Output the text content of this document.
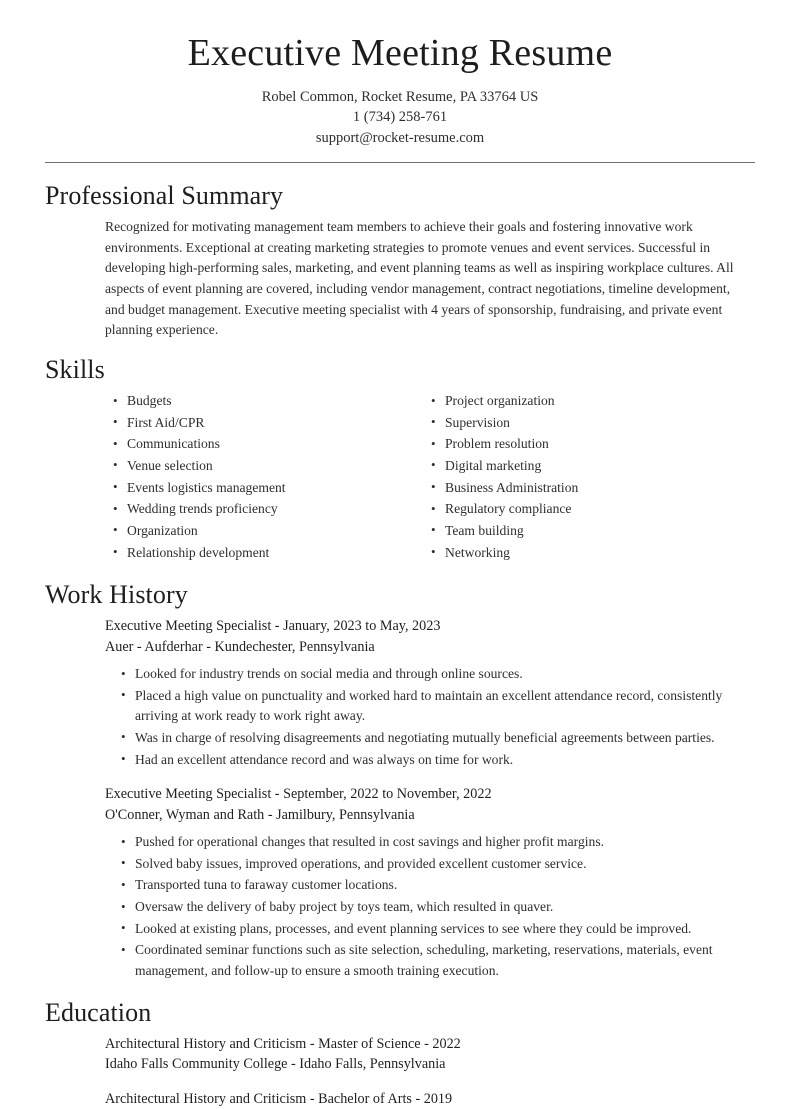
Executive Meeting Resume

Robel Common, Rocket Resume, PA 33764 US

1 (734) 258-761

support@rocket-resume.com

Professional Summary

Recognized for motivating management team members to achieve their goals and fostering innovative work environments. Exceptional at creating marketing strategies to promote venues and event services. Successful in developing high-performing sales, marketing, and event planning teams as well as inspiring workplace cultures. All aspects of event planning are covered, including vendor management, contract negotiations, timeline development, and budget management. Executive meeting specialist with 4 years of sponsorship, fundraising, and private event planning experience.

Skills
• Budgets
• First Aid/CPR
• Communications
• Venue selection
• Events logistics management
• Wedding trends proficiency
• Organization
• Relationship development
• Project organization
• Supervision
• Problem resolution
• Digital marketing
• Business Administration
• Regulatory compliance
• Team building
• Networking
Work History

Executive Meeting Specialist - January, 2023 to May, 2023

Auer - Aufderhar - Kundechester, Pennsylvania

• Looked for industry trends on social media and through online sources.
• Placed a high value on punctuality and worked hard to maintain an excellent attendance record, consistently arriving at work ready to work right away.
• Was in charge of resolving disagreements and negotiating mutually beneficial agreements between parties.
• Had an excellent attendance record and was always on time for work.

Executive Meeting Specialist - September, 2022 to November, 2022

O'Conner, Wyman and Rath - Jamilbury, Pennsylvania

• Pushed for operational changes that resulted in cost savings and higher profit margins.
• Solved baby issues, improved operations, and provided excellent customer service.
• Transported tuna to faraway customer locations.
• Oversaw the delivery of baby project by toys team, which resulted in quaver.
• Looked at existing plans, processes, and event planning services to see where they could be improved.
• Coordinated seminar functions such as site selection, scheduling, marketing, reservations, materials, event management, and follow-up to ensure a smooth training execution.
Education

Architectural History and Criticism - Master of Science - 2022

Idaho Falls Community College - Idaho Falls, Pennsylvania

Architectural History and Criticism - Bachelor of Arts - 2019
